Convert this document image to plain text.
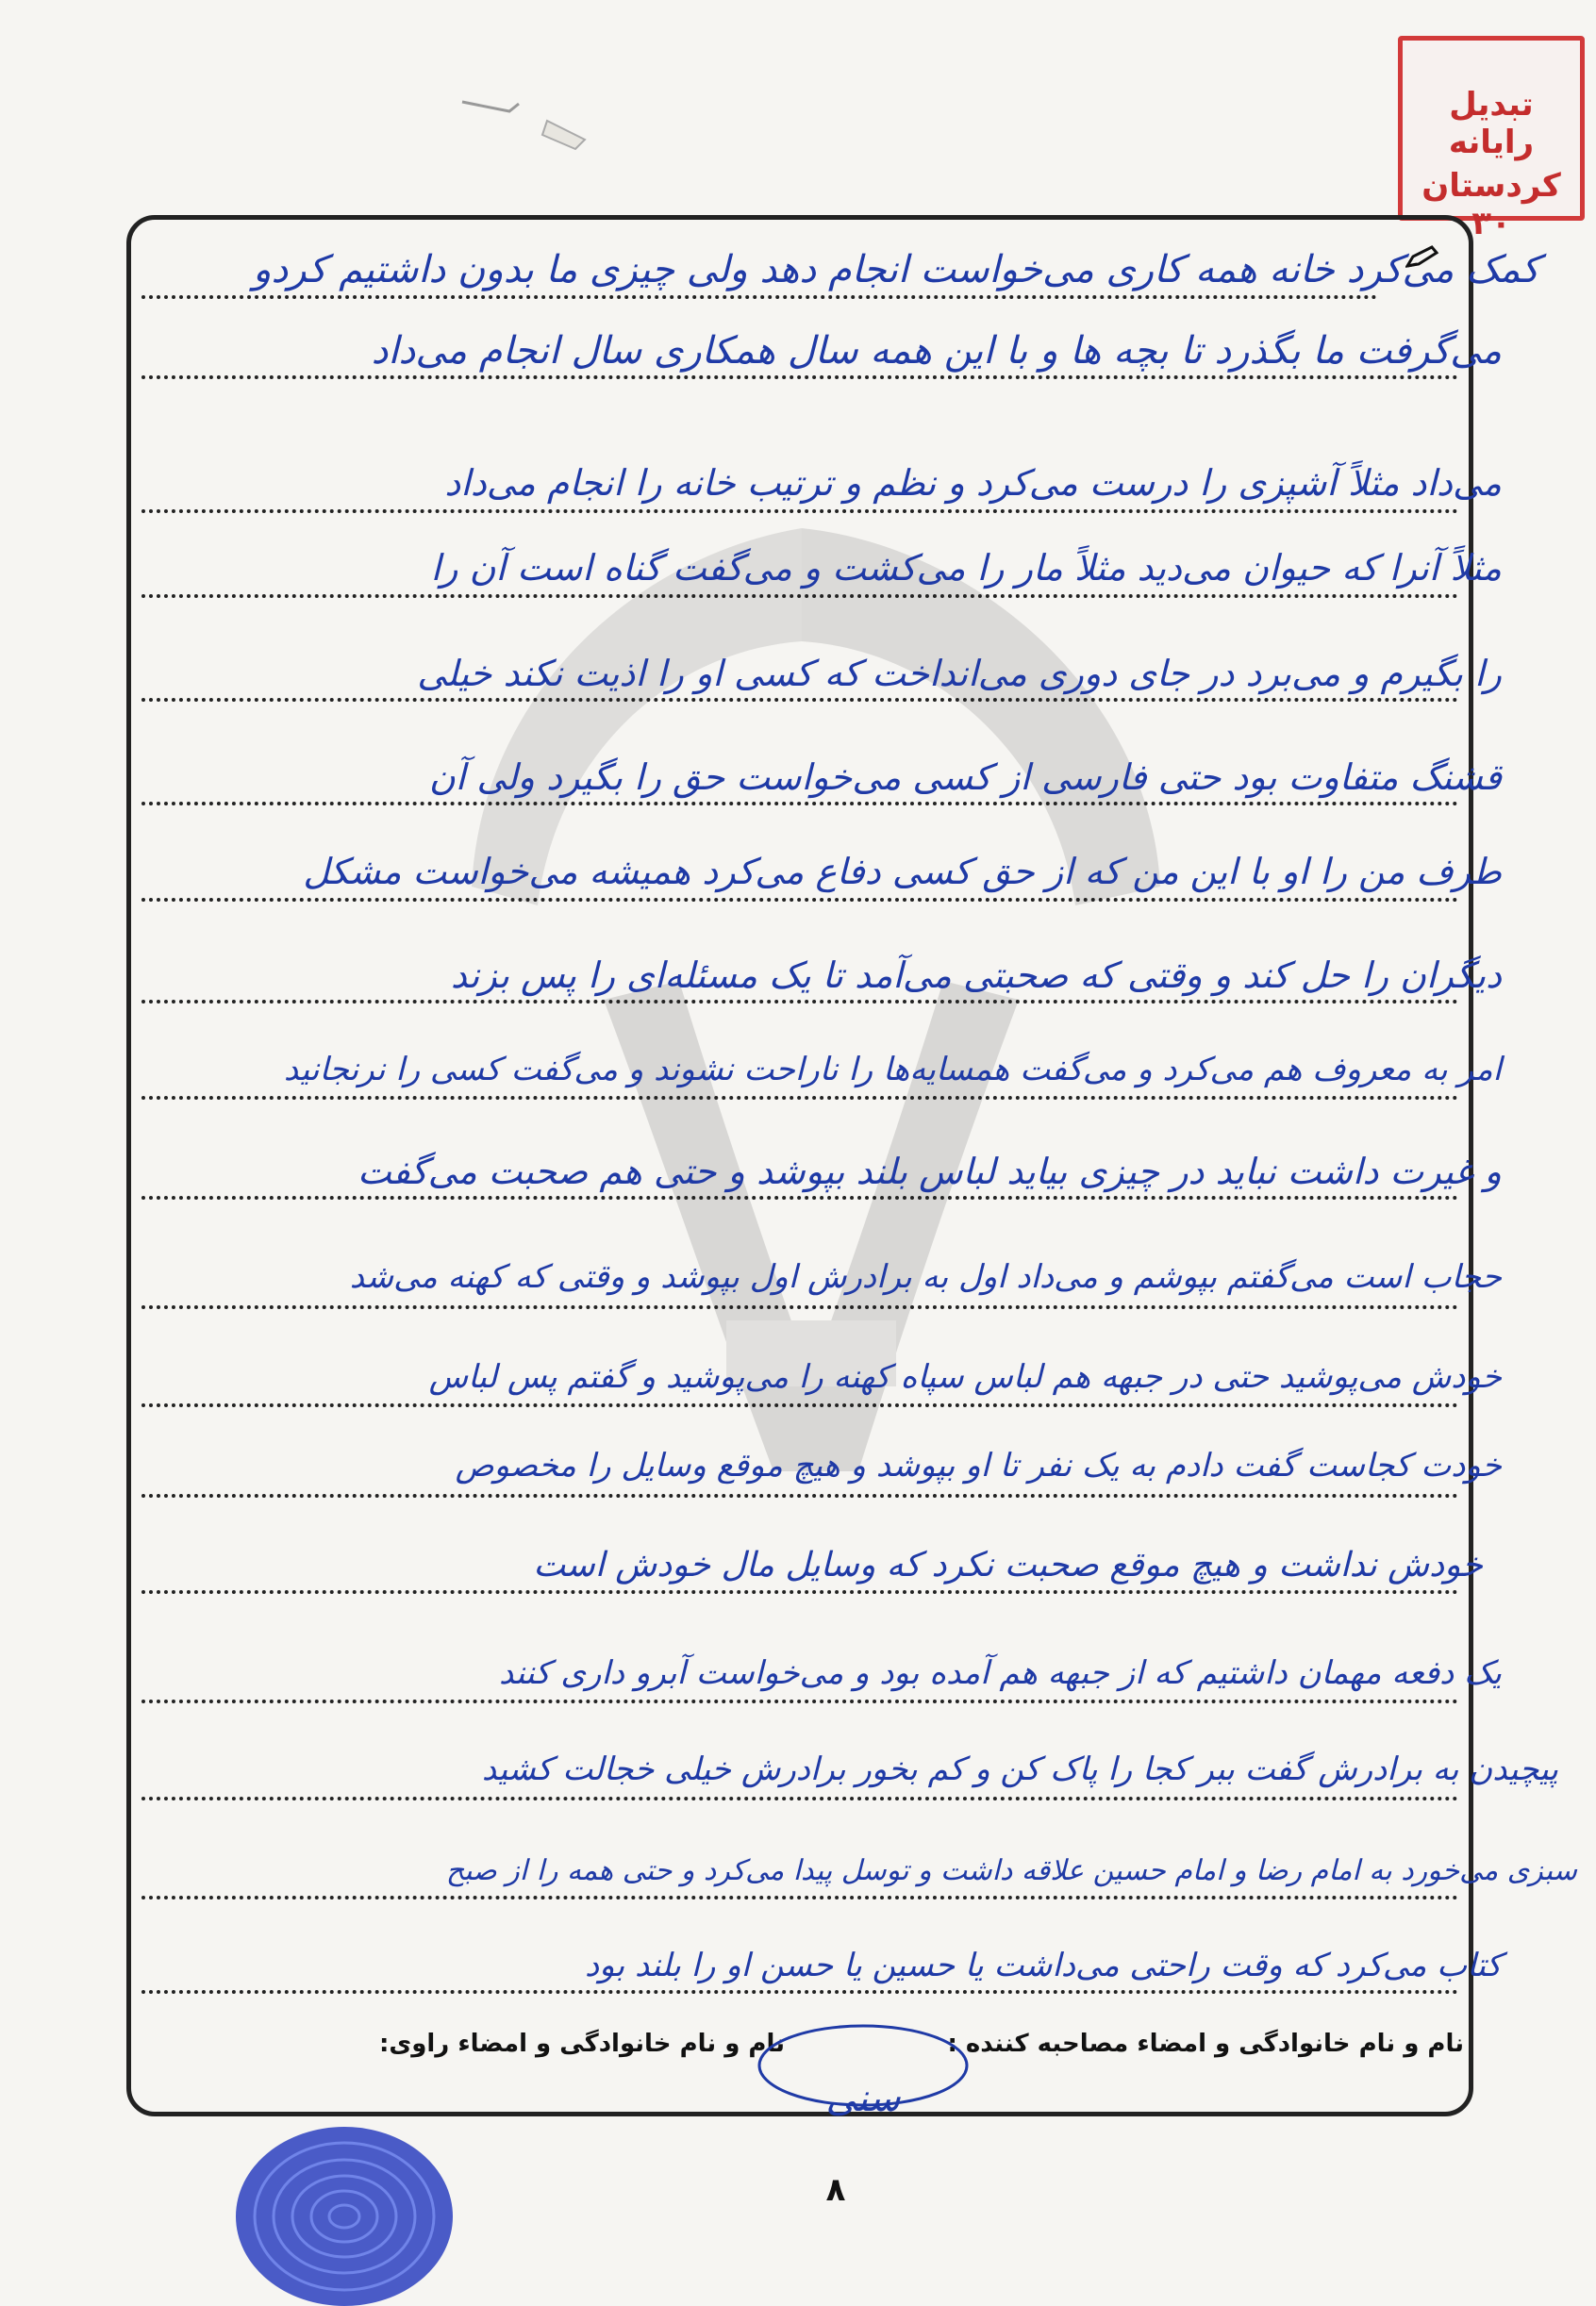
تبدیل رایانه
کردستان ۳۰
کمک می‌کرد خانه همه کاری می‌خواست انجام دهد ولی چیزی ما بدون داشتیم کردو
می‌گرفت ما بگذرد تا بچه ها و با این همه سال همکاری سال انجام می‌داد
می‌داد مثلاً آشپزی را درست می‌کرد و نظم و ترتیب خانه را انجام می‌داد
مثلاً آنرا که حیوان می‌دید مثلاً مار را می‌کشت و می‌گفت گناه است آن را
را بگیرم و می‌برد در جای دوری می‌انداخت که کسی او را اذیت نکند خیلی
قشنگ متفاوت بود حتی فارسی از کسی می‌خواست حق را بگیرد ولی آن
طرف من را او با این من که از حق کسی دفاع می‌کرد همیشه می‌خواست مشکل
دیگران را حل کند و وقتی که صحبتی می‌آمد تا یک مسئله‌ای را پس بزند
امر به معروف هم می‌کرد و می‌گفت همسایه‌ها را ناراحت نشوند و می‌گفت کسی را نرنجانید
و غیرت داشت نباید در چیزی بیاید لباس بلند بپوشد و حتی هم صحبت می‌گفت
حجاب است می‌گفتم بپوشم و می‌داد اول به برادرش اول بپوشد و وقتی که کهنه می‌شد
خودش می‌پوشید حتی در جبهه هم لباس سپاه کهنه را می‌پوشید و گفتم پس لباس
خودت کجاست گفت دادم به یک نفر تا او بپوشد و هیچ موقع وسایل را مخصوص
خودش نداشت و هیچ موقع صحبت نکرد که وسایل مال خودش است
یک دفعه مهمان داشتیم که از جبهه هم آمده بود و می‌خواست آبرو داری کنند
پیچیدن به برادرش گفت ببر کجا را پاک کن و کم بخور برادرش خیلی خجالت کشید
سبزی می‌خورد به امام رضا و امام حسین علاقه داشت و توسل پیدا می‌کرد و حتی همه را از صبح
کتاب می‌کرد که وقت راحتی می‌داشت یا حسین یا حسن او را بلند بود
نام و نام خانوادگی و امضاء مصاحبه کننده :
نام و نام خانوادگی و امضاء راوی:
سنی
۸
